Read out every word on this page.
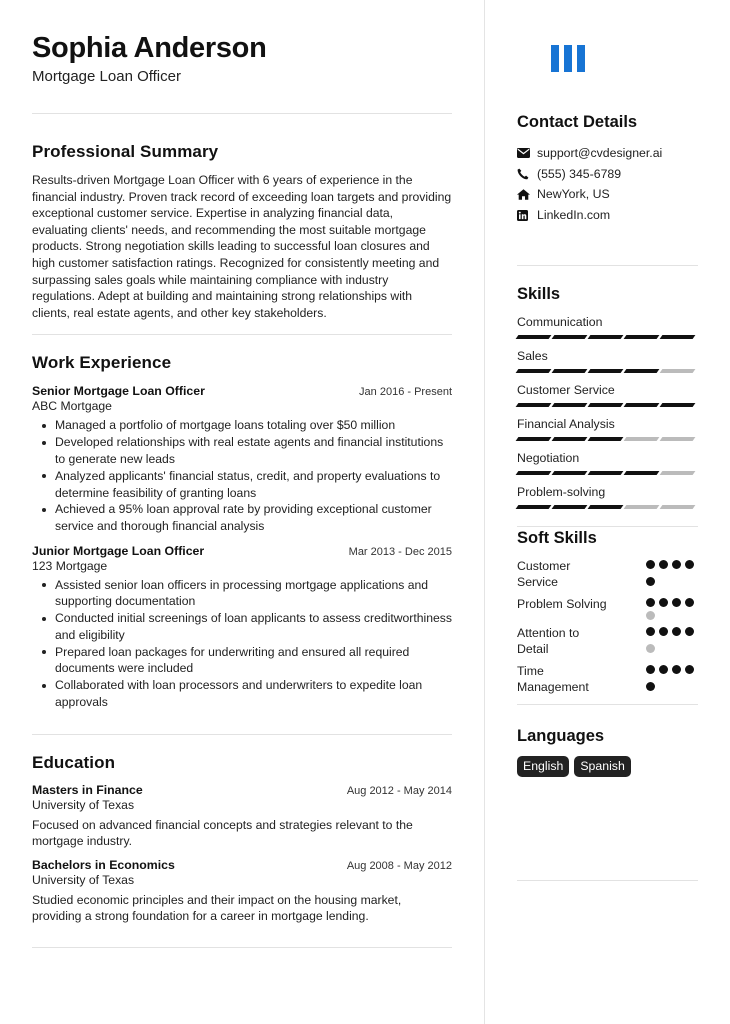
Sophia Anderson
Mortgage Loan Officer
Professional Summary
Results-driven Mortgage Loan Officer with 6 years of experience in the financial industry. Proven track record of exceeding loan targets and providing exceptional customer service. Expertise in analyzing financial data, evaluating clients' needs, and recommending the most suitable mortgage products. Strong negotiation skills leading to successful loan closures and high customer satisfaction ratings. Recognized for consistently meeting and surpassing sales goals while maintaining compliance with industry regulations. Adept at building and maintaining strong relationships with clients, real estate agents, and other key stakeholders.
Work Experience
Senior Mortgage Loan Officer	Jan 2016 - Present
ABC Mortgage
Managed a portfolio of mortgage loans totaling over $50 million
Developed relationships with real estate agents and financial institutions to generate new leads
Analyzed applicants' financial status, credit, and property evaluations to determine feasibility of granting loans
Achieved a 95% loan approval rate by providing exceptional customer service and thorough financial analysis
Junior Mortgage Loan Officer	Mar 2013 - Dec 2015
123 Mortgage
Assisted senior loan officers in processing mortgage applications and supporting documentation
Conducted initial screenings of loan applicants to assess creditworthiness and eligibility
Prepared loan packages for underwriting and ensured all required documents were included
Collaborated with loan processors and underwriters to expedite loan approvals
Education
Masters in Finance	Aug 2012 - May 2014
University of Texas
Focused on advanced financial concepts and strategies relevant to the mortgage industry.
Bachelors in Economics	Aug 2008 - May 2012
University of Texas
Studied economic principles and their impact on the housing market, providing a strong foundation for a career in mortgage lending.
Contact Details
support@cvdesigner.ai
(555) 345-6789
NewYork, US
LinkedIn.com
Skills
Communication
Sales
Customer Service
Financial Analysis
Negotiation
Problem-solving
Soft Skills
Customer
Service
Problem Solving
Attention to
Detail
Time
Management
Languages
English	Spanish
